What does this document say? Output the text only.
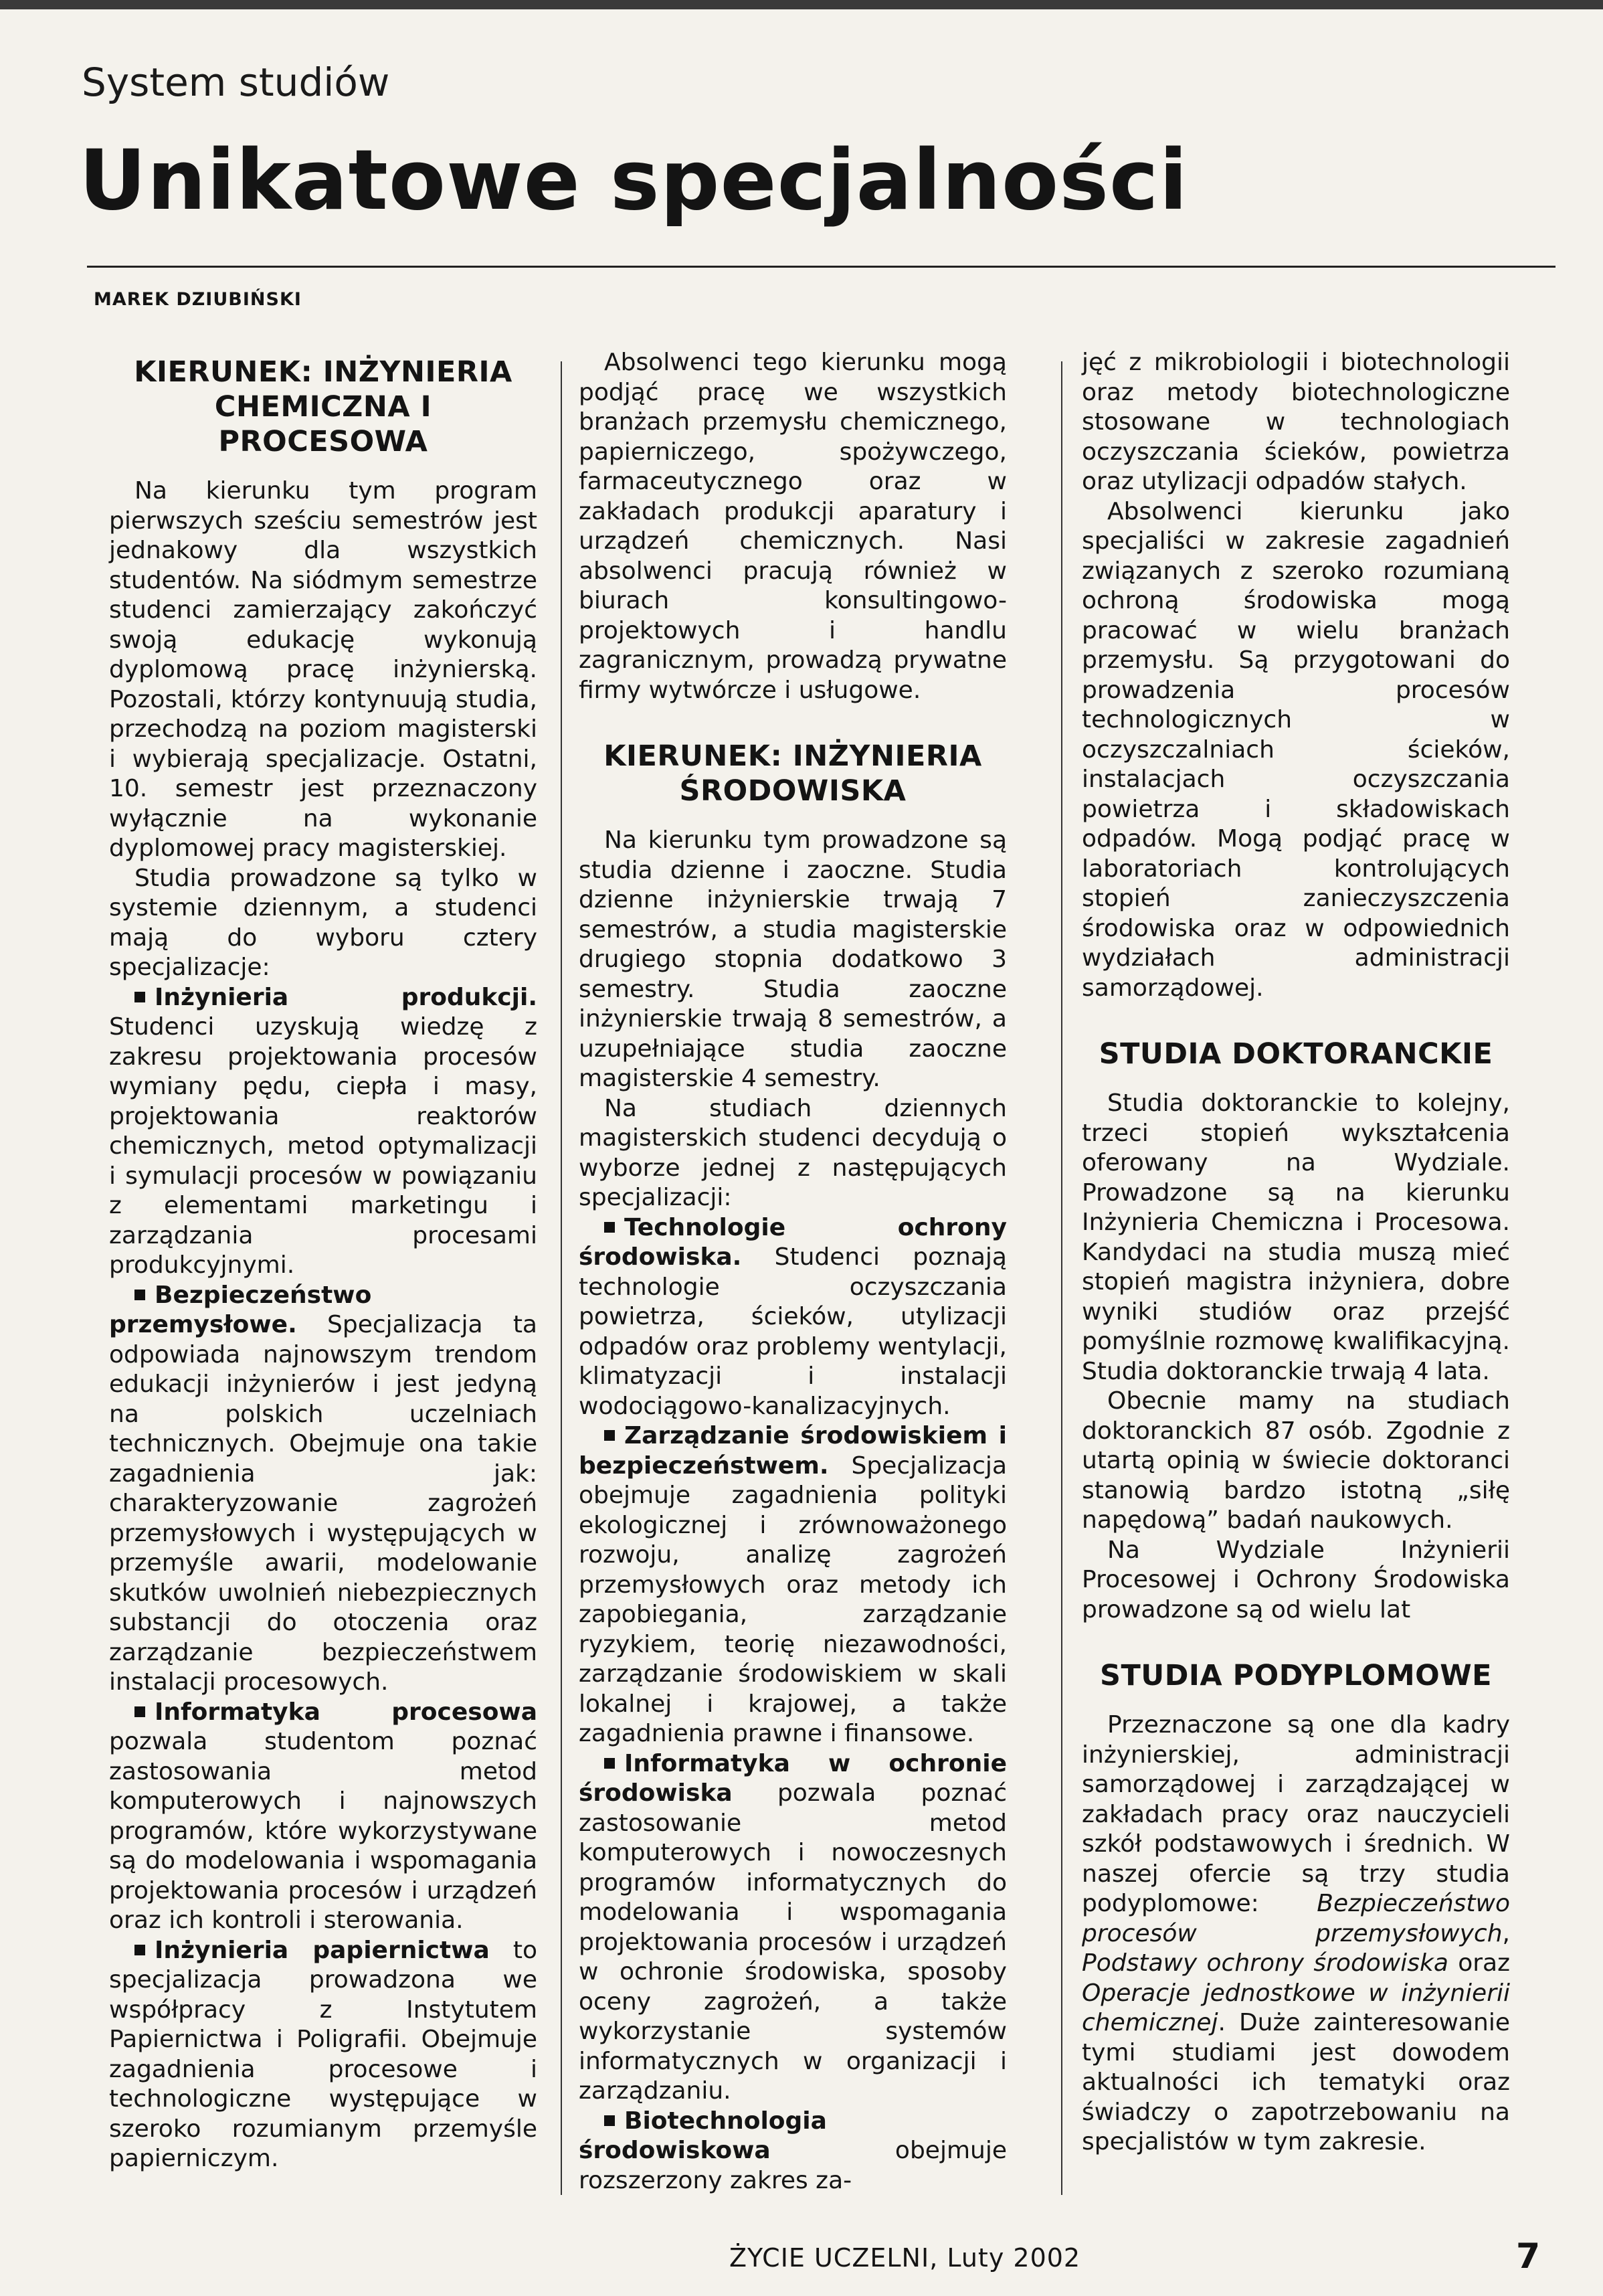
System studiów
Unikatowe specjalności
MAREK DZIUBIŃSKI
KIERUNEK: INŻYNIERIA CHEMICZNA I PROCESOWA

Na kierunku tym program pierwszych sześciu semestrów jest jednakowy dla wszystkich studentów. Na siódmym semestrze studenci zamierzający zakończyć swoją edukację wykonują dyplomową pracę inżynierską. Pozostali, którzy kontynuują studia, przechodzą na poziom magisterski i wybierają specjalizacje. Ostatni, 10. semestr jest przeznaczony wyłącznie na wykonanie dyplomowej pracy magisterskiej.

Studia prowadzone są tylko w systemie dziennym, a studenci mają do wyboru cztery specjalizacje:

Inżynieria produkcji. Studenci uzyskują wiedzę z zakresu projektowania procesów wymiany pędu, ciepła i masy, projektowania reaktorów chemicznych, metod optymalizacji i symulacji procesów w powiązaniu z elementami marketingu i zarządzania procesami produkcyjnymi.

Bezpieczeństwo przemysłowe. Specjalizacja ta odpowiada najnowszym trendom edukacji inżynierów i jest jedyną na polskich uczelniach technicznych. Obejmuje ona takie zagadnienia jak: charakteryzowanie zagrożeń przemysłowych i występujących w przemyśle awarii, modelowanie skutków uwolnień niebezpiecznych substancji do otoczenia oraz zarządzanie bezpieczeństwem instalacji procesowych.

Informatyka procesowa pozwala studentom poznać zastosowania metod komputerowych i najnowszych programów, które wykorzystywane są do modelowania i wspomagania projektowania procesów i urządzeń oraz ich kontroli i sterowania.

Inżynieria papiernictwa to specjalizacja prowadzona we współpracy z Instytutem Papiernictwa i Poligrafii. Obejmuje zagadnienia procesowe i technologiczne występujące w szeroko rozumianym przemyśle papierniczym.

Absolwenci tego kierunku mogą podjąć pracę we wszystkich branżach przemysłu chemicznego, papierniczego, spożywczego, farmaceutycznego oraz w zakładach produkcji aparatury i urządzeń chemicznych. Nasi absolwenci pracują również w biurach konsultingowo-projektowych i handlu zagranicznym, prowadzą prywatne firmy wytwórcze i usługowe.

KIERUNEK: INŻYNIERIA ŚRODOWISKA

Na kierunku tym prowadzone są studia dzienne i zaoczne. Studia dzienne inżynierskie trwają 7 semestrów, a studia magisterskie drugiego stopnia dodatkowo 3 semestry. Studia zaoczne inżynierskie trwają 8 semestrów, a uzupełniające studia zaoczne magisterskie 4 semestry.

Na studiach dziennych magisterskich studenci decydują o wyborze jednej z następujących specjalizacji:

Technologie ochrony środowiska. Studenci poznają technologie oczyszczania powietrza, ścieków, utylizacji odpadów oraz problemy wentylacji, klimatyzacji i instalacji wodociągowo-kanalizacyjnych.

Zarządzanie środowiskiem i bezpieczeństwem. Specjalizacja obejmuje zagadnienia polityki ekologicznej i zrównoważonego rozwoju, analizę zagrożeń przemysłowych oraz metody ich zapobiegania, zarządzanie ryzykiem, teorię niezawodności, zarządzanie środowiskiem w skali lokalnej i krajowej, a także zagadnienia prawne i finansowe.

Informatyka w ochronie środowiska pozwala poznać zastosowanie metod komputerowych i nowoczesnych programów informatycznych do modelowania i wspomagania projektowania procesów i urządzeń w ochronie środowiska, sposoby oceny zagrożeń, a także wykorzystanie systemów informatycznych w organizacji i zarządzaniu.

Biotechnologia środowiskowa obejmuje rozszerzony zakres za-

jęć z mikrobiologii i biotechnologii oraz metody biotechnologiczne stosowane w technologiach oczyszczania ścieków, powietrza oraz utylizacji odpadów stałych.

Absolwenci kierunku jako specjaliści w zakresie zagadnień związanych z szeroko rozumianą ochroną środowiska mogą pracować w wielu branżach przemysłu. Są przygotowani do prowadzenia procesów technologicznych w oczyszczalniach ścieków, instalacjach oczyszczania powietrza i składowiskach odpadów. Mogą podjąć pracę w laboratoriach kontrolujących stopień zanieczyszczenia środowiska oraz w odpowiednich wydziałach administracji samorządowej.

STUDIA DOKTORANCKIE

Studia doktoranckie to kolejny, trzeci stopień wykształcenia oferowany na Wydziale. Prowadzone są na kierunku Inżynieria Chemiczna i Procesowa. Kandydaci na studia muszą mieć stopień magistra inżyniera, dobre wyniki studiów oraz przejść pomyślnie rozmowę kwalifikacyjną. Studia doktoranckie trwają 4 lata.

Obecnie mamy na studiach doktoranckich 87 osób. Zgodnie z utartą opinią w świecie doktoranci stanowią bardzo istotną „siłę napędową” badań naukowych.

Na Wydziale Inżynierii Procesowej i Ochrony Środowiska prowadzone są od wielu lat

STUDIA PODYPLOMOWE

Przeznaczone są one dla kadry inżynierskiej, administracji samorządowej i zarządzającej w zakładach pracy oraz nauczycieli szkół podstawowych i średnich. W naszej ofercie są trzy studia podyplomowe: Bezpieczeństwo procesów przemysłowych, Podstawy ochrony środowiska oraz Operacje jednostkowe w inżynierii chemicznej. Duże zainteresowanie tymi studiami jest dowodem aktualności ich tematyki oraz świadczy o zapotrzebowaniu na specjalistów w tym zakresie.

ŻYCIE UCZELNI, Luty 2002	7
